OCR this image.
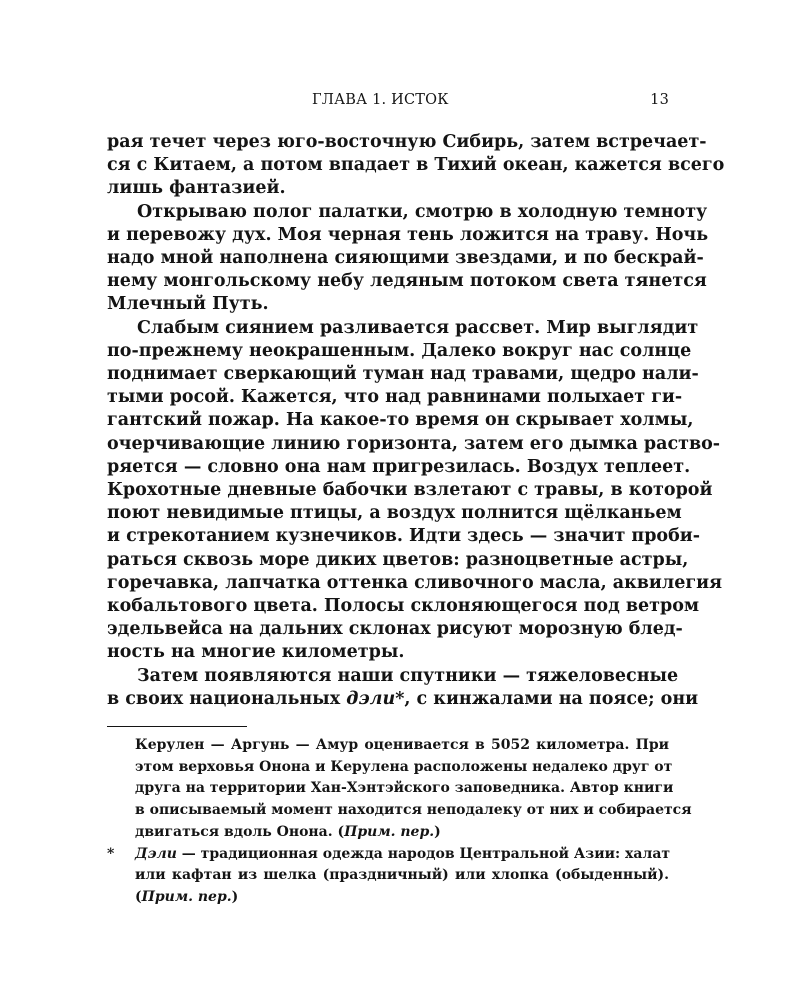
ГЛАВА 1. ИСТОК	13
рая течет через юго-восточную Сибирь, затем встречает-
ся с Китаем, а потом впадает в Тихий океан, кажется всего
лишь фантазией.
Открываю полог палатки, смотрю в холодную темноту
и перевожу дух. Моя черная тень ложится на траву. Ночь
надо мной наполнена сияющими звездами, и по бескрай-
нему монгольскому небу ледяным потоком света тянется
Млечный Путь.
Слабым сиянием разливается рассвет. Мир выглядит
по-прежнему неокрашенным. Далеко вокруг нас солнце
поднимает сверкающий туман над травами, щедро нали-
тыми росой. Кажется, что над равнинами полыхает ги-
гантский пожар. На какое-то время он скрывает холмы,
очерчивающие линию горизонта, затем его дымка раство-
ряется — словно она нам пригрезилась. Воздух теплеет.
Крохотные дневные бабочки взлетают с травы, в которой
поют невидимые птицы, а воздух полнится щёлканьем
и стрекотанием кузнечиков. Идти здесь — значит проби-
раться сквозь море диких цветов: разноцветные астры,
горечавка, лапчатка оттенка сливочного масла, аквилегия
кобальтового цвета. Полосы склоняющегося под ветром
эдельвейса на дальних склонах рисуют морозную блед-
ность на многие километры.
Затем появляются наши спутники — тяжеловесные
в своих национальных дэли*, с кинжалами на поясе; они
Керулен — Аргунь — Амур оценивается в 5052 километра. При
этом верховья Онона и Керулена расположены недалеко друг от
друга на территории Хан-Хэнтэйского заповедника. Автор книги
в описываемый момент находится неподалеку от них и собирается
двигаться вдоль Онона. (Прим. пер.)
* Дэли — традиционная одежда народов Центральной Азии: халат
или кафтан из шелка (праздничный) или хлопка (обыденный).
(Прим. пер.)
